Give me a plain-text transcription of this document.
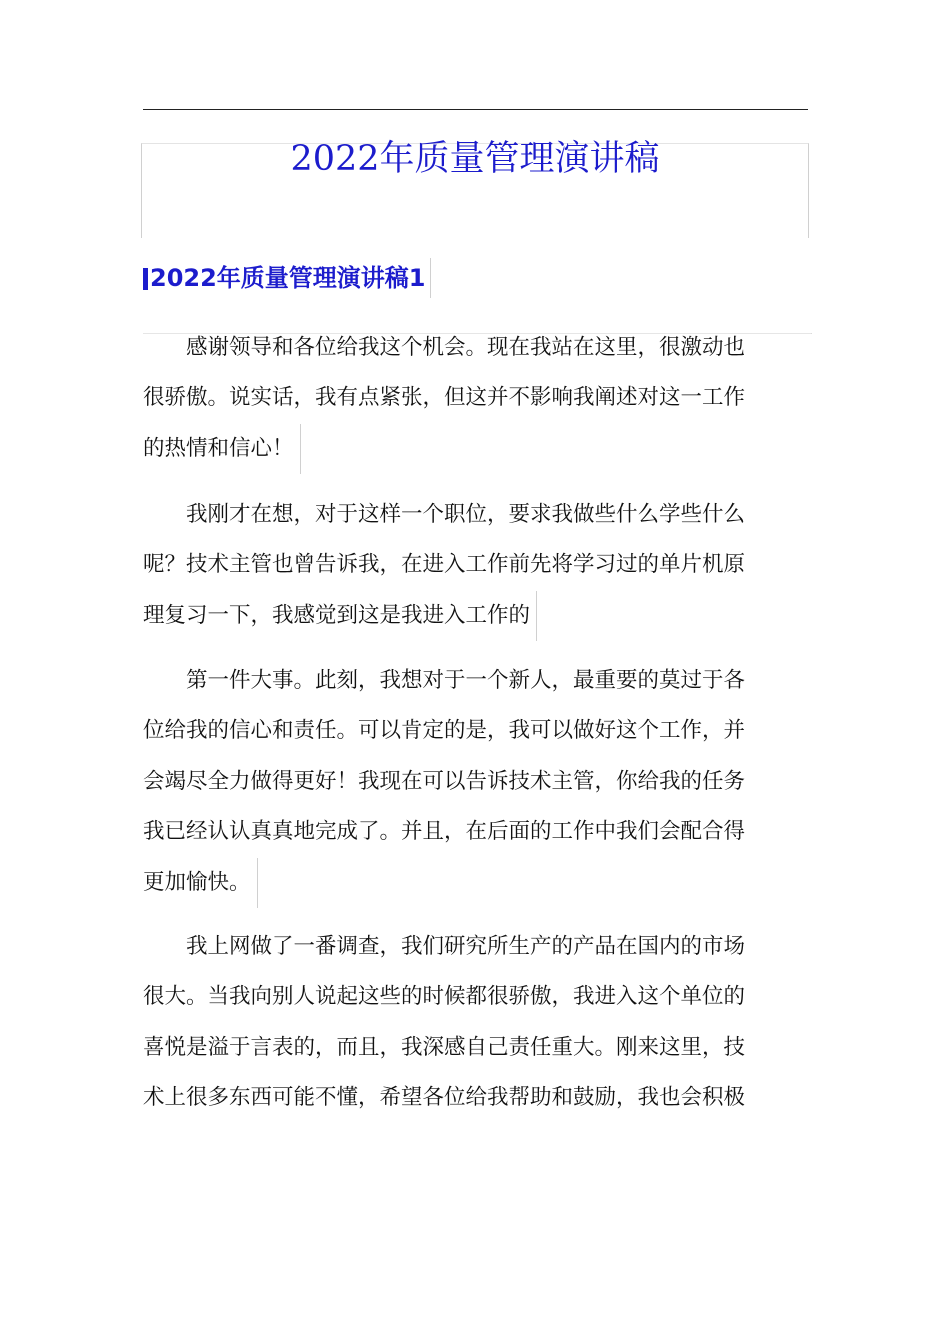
2022年质量管理演讲稿
2022年质量管理演讲稿1

感谢领导和各位给我这个机会。现在我站在这里，很激动也
很骄傲。说实话，我有点紧张，但这并不影响我阐述对这一工作
的热情和信心！

我刚才在想，对于这样一个职位，要求我做些什么学些什么
呢？技术主管也曾告诉我，在进入工作前先将学习过的单片机原
理复习一下，我感觉到这是我进入工作的

第一件大事。此刻，我想对于一个新人，最重要的莫过于各
位给我的信心和责任。可以肯定的是，我可以做好这个工作，并
会竭尽全力做得更好！我现在可以告诉技术主管，你给我的任务
我已经认认真真地完成了。并且，在后面的工作中我们会配合得
更加愉快。

我上网做了一番调查，我们研究所生产的产品在国内的市场
很大。当我向别人说起这些的时候都很骄傲，我进入这个单位的
喜悦是溢于言表的，而且，我深感自己责任重大。刚来这里，技
术上很多东西可能不懂，希望各位给我帮助和鼓励，我也会积极
